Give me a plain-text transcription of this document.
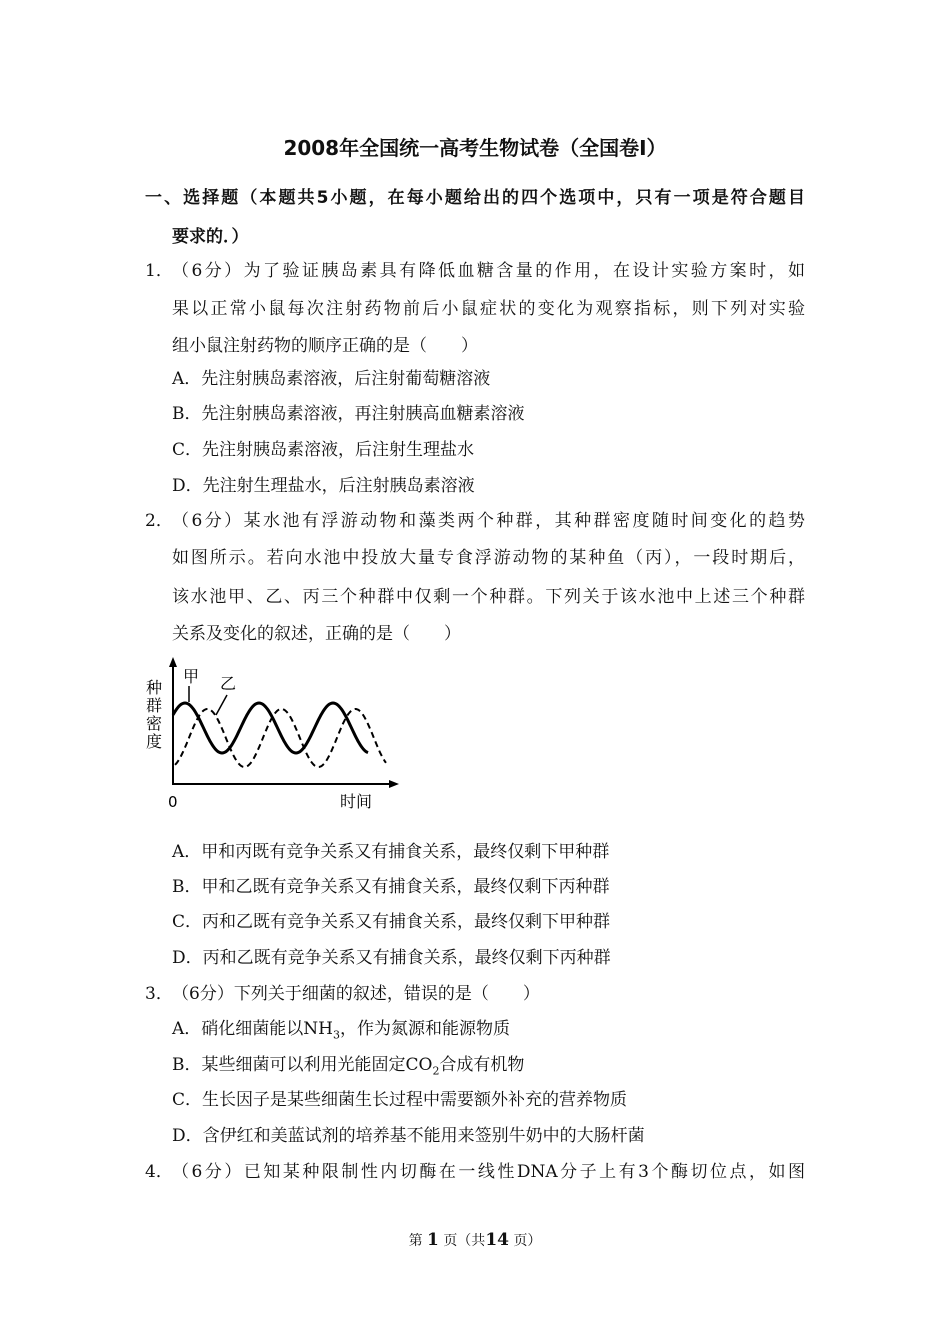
2008年全国统一高考生物试卷（全国卷Ⅰ）
一、选择题（本题共5小题，在每小题给出的四个选项中，只有一项是符合题目
要求的．）
1． （6分）为了验证胰岛素具有降低血糖含量的作用，在设计实验方案时，如
果以正常小鼠每次注射药物前后小鼠症状的变化为观察指标，则下列对实验
组小鼠注射药物的顺序正确的是（　　）
A．先注射胰岛素溶液，后注射葡萄糖溶液
B．先注射胰岛素溶液，再注射胰高血糖素溶液
C．先注射胰岛素溶液，后注射生理盐水
D．先注射生理盐水，后注射胰岛素溶液
2． （6分）某水池有浮游动物和藻类两个种群，其种群密度随时间变化的趋势
如图所示。若向水池中投放大量专食浮游动物的某种鱼（丙），一段时期后，
该水池甲、乙、丙三个种群中仅剩一个种群。下列关于该水池中上述三个种群
关系及变化的叙述，正确的是（　　）
种
群
密
度
0	时间
甲 乙
A．甲和丙既有竞争关系又有捕食关系，最终仅剩下甲种群
B．甲和乙既有竞争关系又有捕食关系，最终仅剩下丙种群
C．丙和乙既有竞争关系又有捕食关系，最终仅剩下甲种群
D．丙和乙既有竞争关系又有捕食关系，最终仅剩下丙种群
3． （6分）下列关于细菌的叙述，错误的是（　　）
A．硝化细菌能以$NH_3$，作为氮源和能源物质
B．某些细菌可以利用光能固定$CO_2$合成有机物
C．生长因子是某些细菌生长过程中需要额外补充的营养物质
D．含伊红和美蓝试剂的培养基不能用来签别牛奶中的大肠杆菌
4． （6分）已知某种限制性内切酶在一线性DNA分子上有3个酶切位点，如图
第 1 页（共14 页）
